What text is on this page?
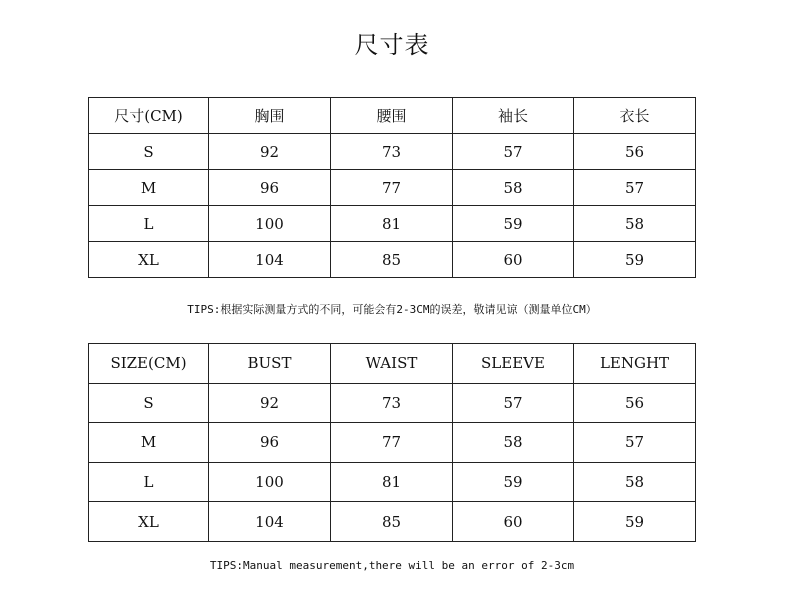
尺寸表
尺寸(CM)	胸围	腰围	袖长	衣长
S	92	73	57	56
M	96	77	58	57
L	100	81	59	58
XL	104	85	60	59
TIPS:根据实际测量方式的不同，可能会有2-3CM的误差，敬请见谅（测量单位CM）
SIZE(CM)	BUST	WAIST	SLEEVE	LENGHT
S	92	73	57	56
M	96	77	58	57
L	100	81	59	58
XL	104	85	60	59
TIPS:Manual measurement,there will be an error of 2-3cm
